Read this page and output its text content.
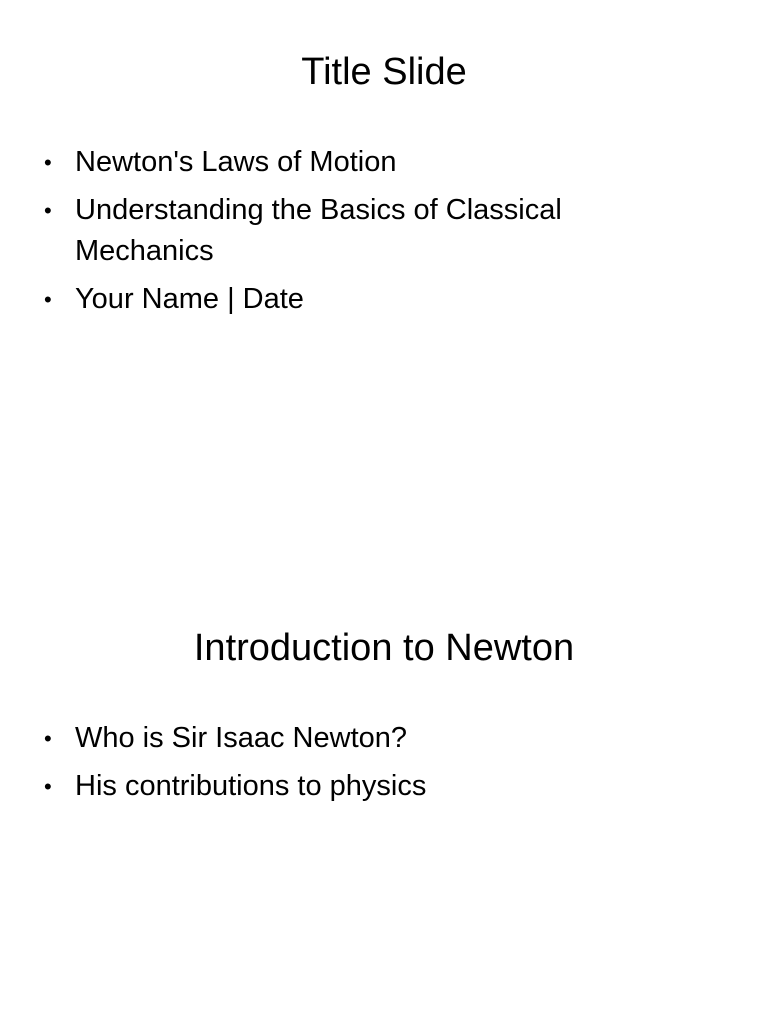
Title Slide
• Newton's Laws of Motion
• Understanding the Basics of Classical Mechanics
• Your Name | Date
Introduction to Newton
• Who is Sir Isaac Newton?
• His contributions to physics
